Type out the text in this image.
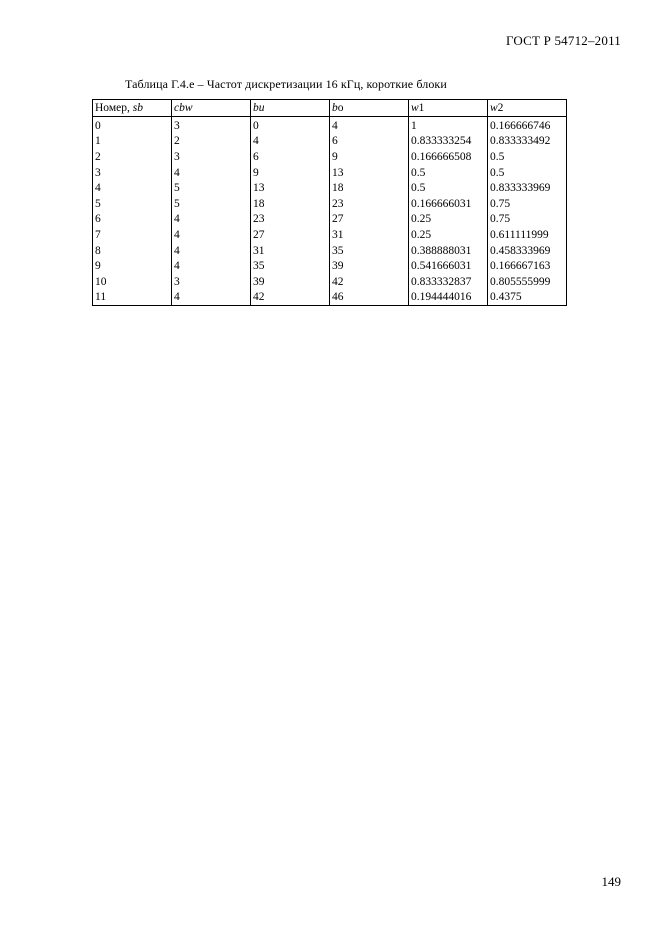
ГОСТ Р 54712–2011
Таблица Г.4.е – Частот дискретизации 16 кГц, короткие блоки
Номер, sb	cbw	bu	bo	w1	w2
0	3	0	4	1	0.166666746
1	2	4	6	0.833333254	0.833333492
2	3	6	9	0.166666508	0.5
3	4	9	13	0.5	0.5
4	5	13	18	0.5	0.833333969
5	5	18	23	0.166666031	0.75
6	4	23	27	0.25	0.75
7	4	27	31	0.25	0.611111999
8	4	31	35	0.388888031	0.458333969
9	4	35	39	0.541666031	0.166667163
10	3	39	42	0.833332837	0.805555999
11	4	42	46	0.194444016	0.4375
149
